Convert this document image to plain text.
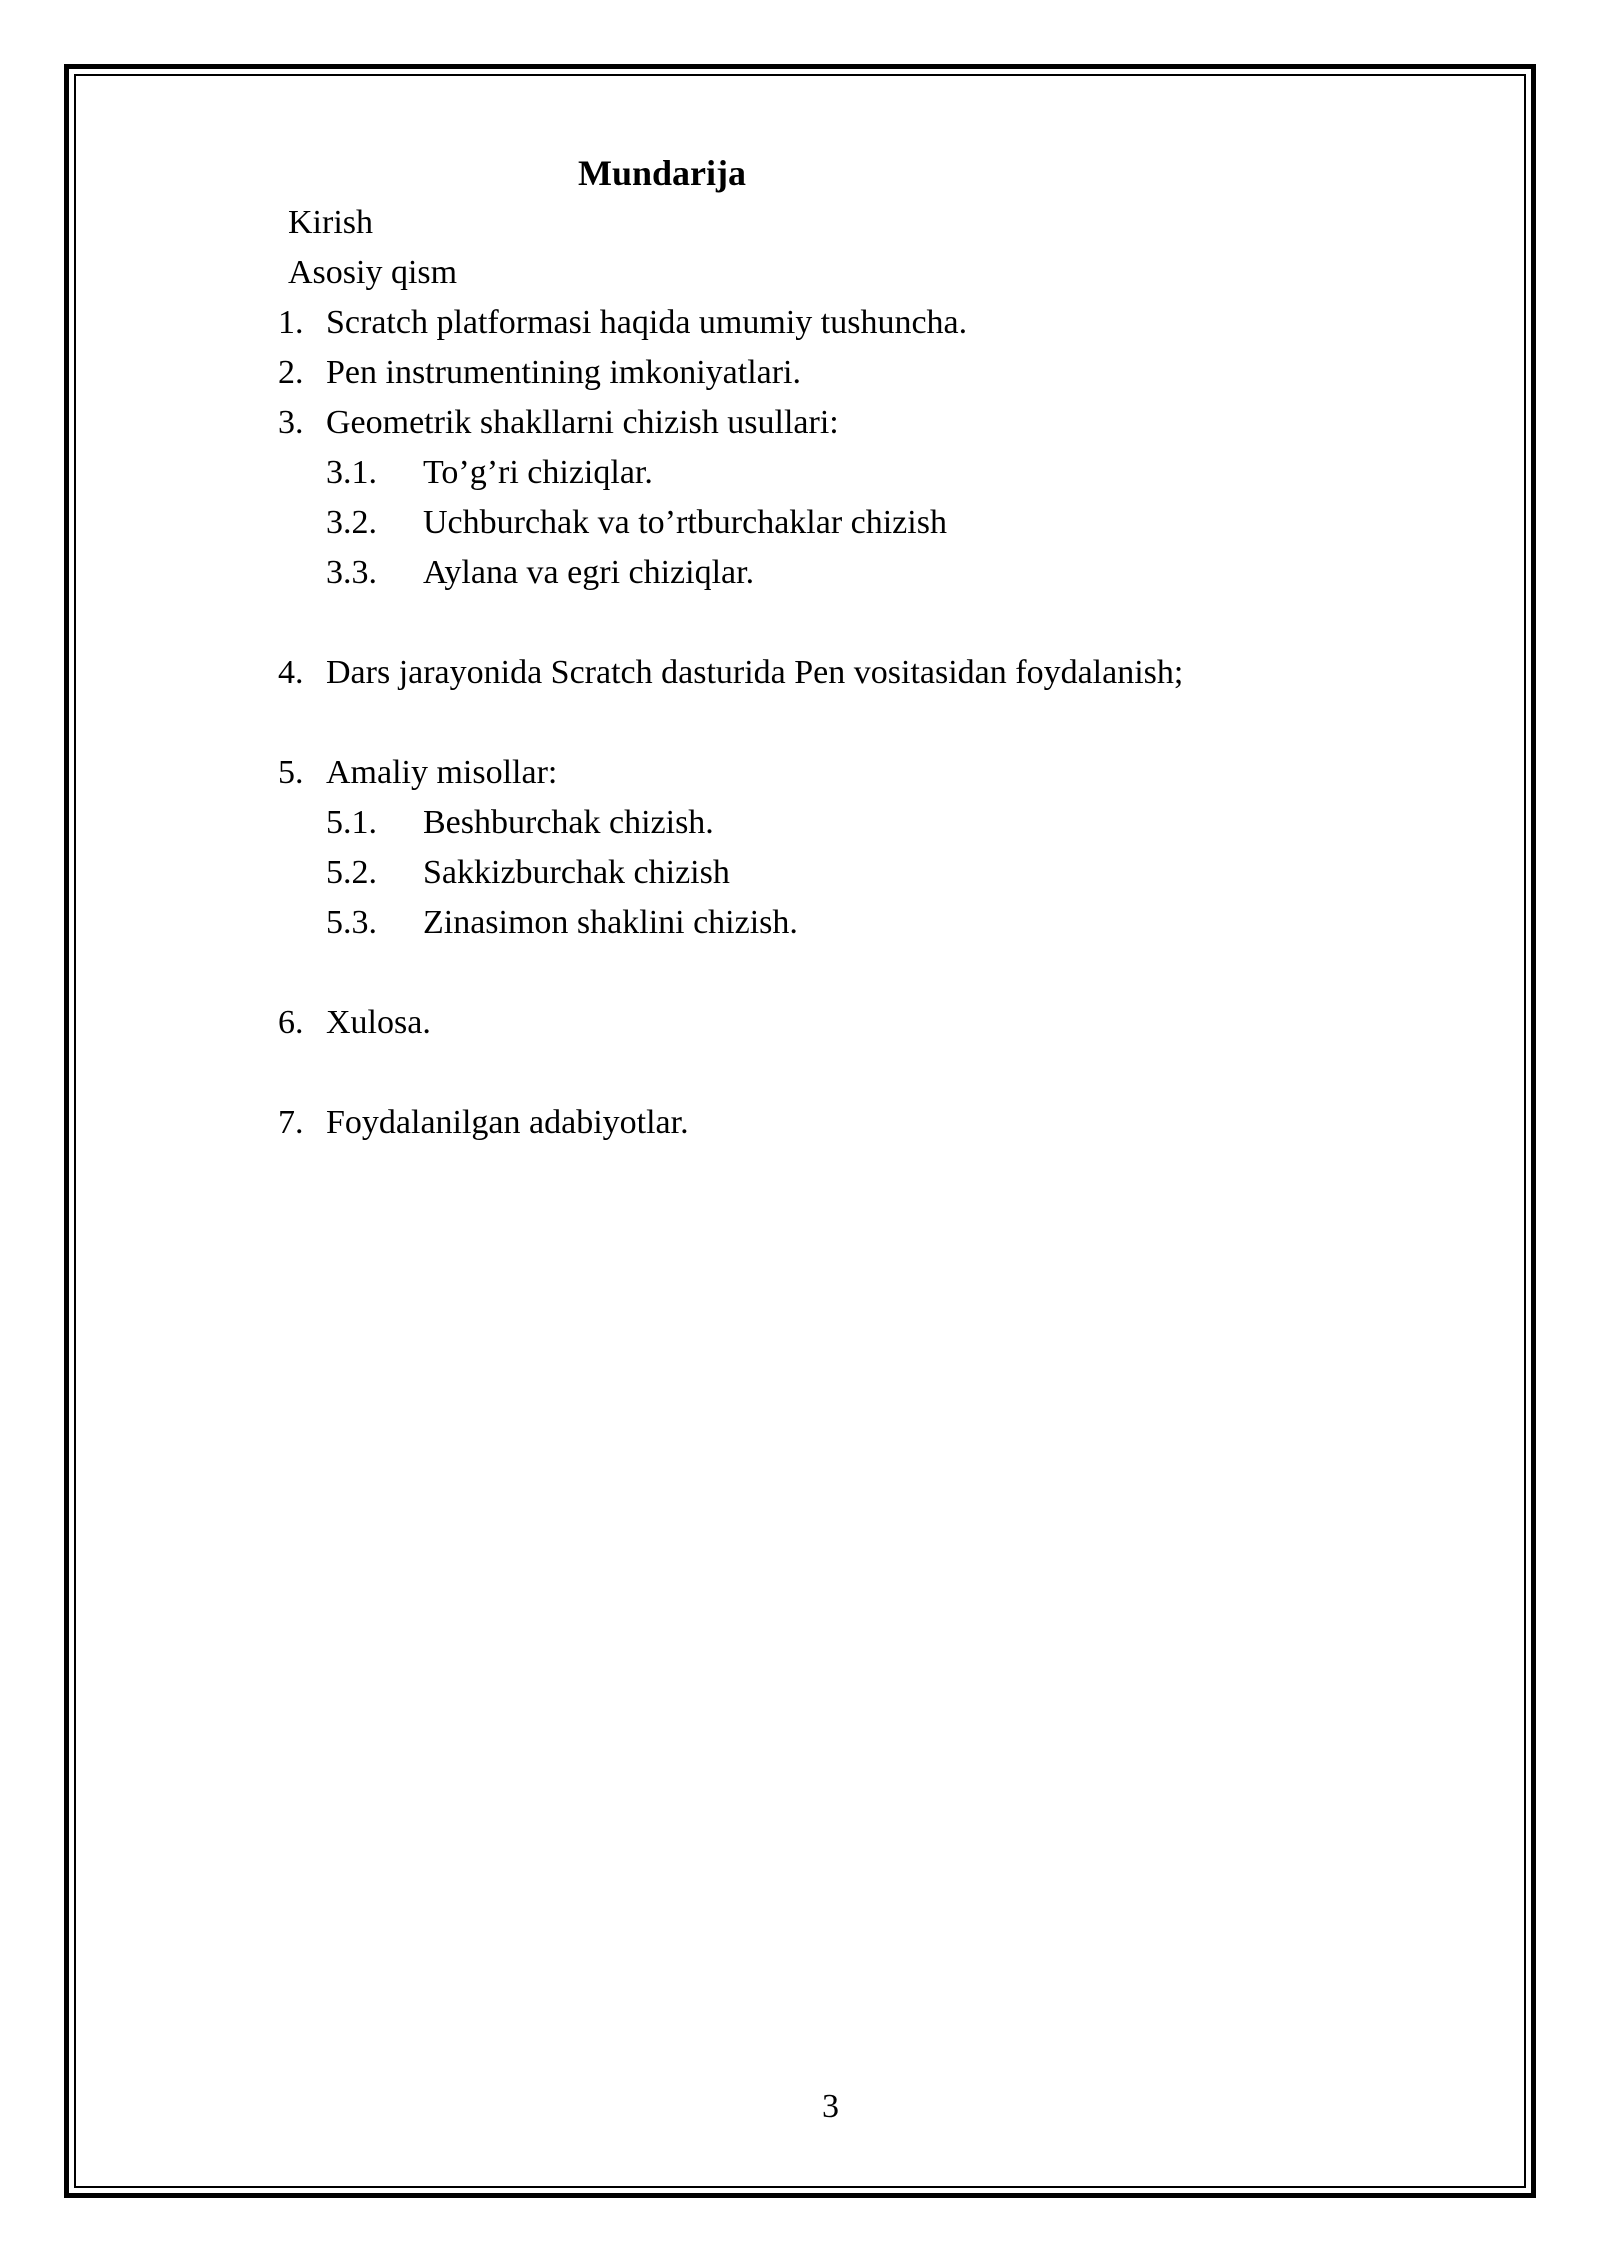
Mundarija
Kirish
Asosiy qism
1. Scratch platformasi haqida umumiy tushuncha.
2. Pen instrumentining imkoniyatlari.
3. Geometrik shakllarni chizish usullari:
3.1. To’g’ri chiziqlar.
3.2. Uchburchak va to’rtburchaklar chizish
3.3. Aylana va egri chiziqlar.
4. Dars jarayonida Scratch dasturida Pen vositasidan foydalanish;
5. Amaliy misollar:
5.1. Beshburchak chizish.
5.2. Sakkizburchak chizish
5.3. Zinasimon shaklini chizish.
6. Xulosa.
7. Foydalanilgan adabiyotlar.
3
